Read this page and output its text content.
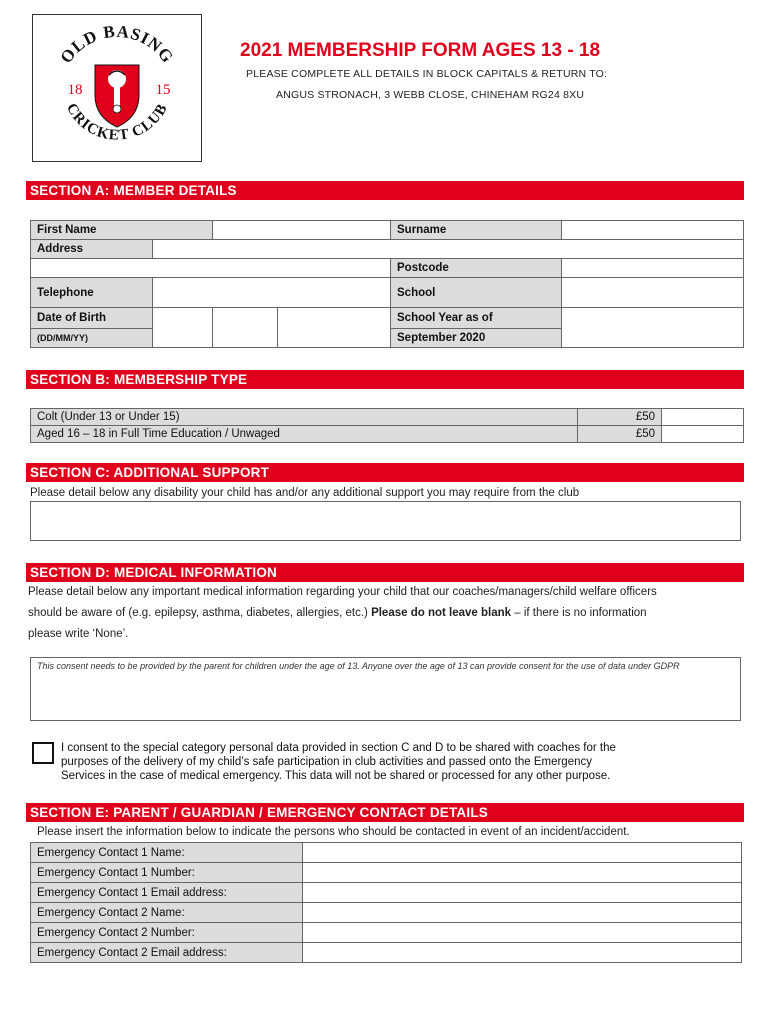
OLD BASING
CRICKET CLUB
18	15
2021 MEMBERSHIP FORM AGES 13 - 18
PLEASE COMPLETE ALL DETAILS IN BLOCK CAPITALS & RETURN TO:
ANGUS STRONACH, 3 WEBB CLOSE, CHINEHAM RG24 8XU
SECTION A: MEMBER DETAILS
First Name				Surname	
Address					
				Postcode	
Telephone				School	
Date of Birth				School Year as of	
(DD/MM/YY)				September 2020	
SECTION B: MEMBERSHIP TYPE
Colt (Under 13 or Under 15)	£50	
Aged 16 – 18 in Full Time Education / Unwaged	£50	
SECTION C: ADDITIONAL SUPPORT
Please detail below any disability your child has and/or any additional support you may require from the club
SECTION D: MEDICAL INFORMATION
Please detail below any important medical information regarding your child that our coaches/managers/child welfare officers
should be aware of (e.g. epilepsy, asthma, diabetes, allergies, etc.) Please do not leave blank – if there is no information
please write ‘None’.
This consent needs to be provided by the parent for children under the age of 13. Anyone over the age of 13 can provide consent for the use of data under GDPR
I consent to the special category personal data provided in section C and D to be shared with coaches for the
purposes of the delivery of my child’s safe participation in club activities and passed onto the Emergency
Services in the case of medical emergency. This data will not be shared or processed for any other purpose.
SECTION E: PARENT / GUARDIAN / EMERGENCY CONTACT DETAILS
Please insert the information below to indicate the persons who should be contacted in event of an incident/accident.
Emergency Contact 1 Name:	
Emergency Contact 1 Number:	
Emergency Contact 1 Email address:	
Emergency Contact 2 Name:	
Emergency Contact 2 Number:	
Emergency Contact 2 Email address:	
